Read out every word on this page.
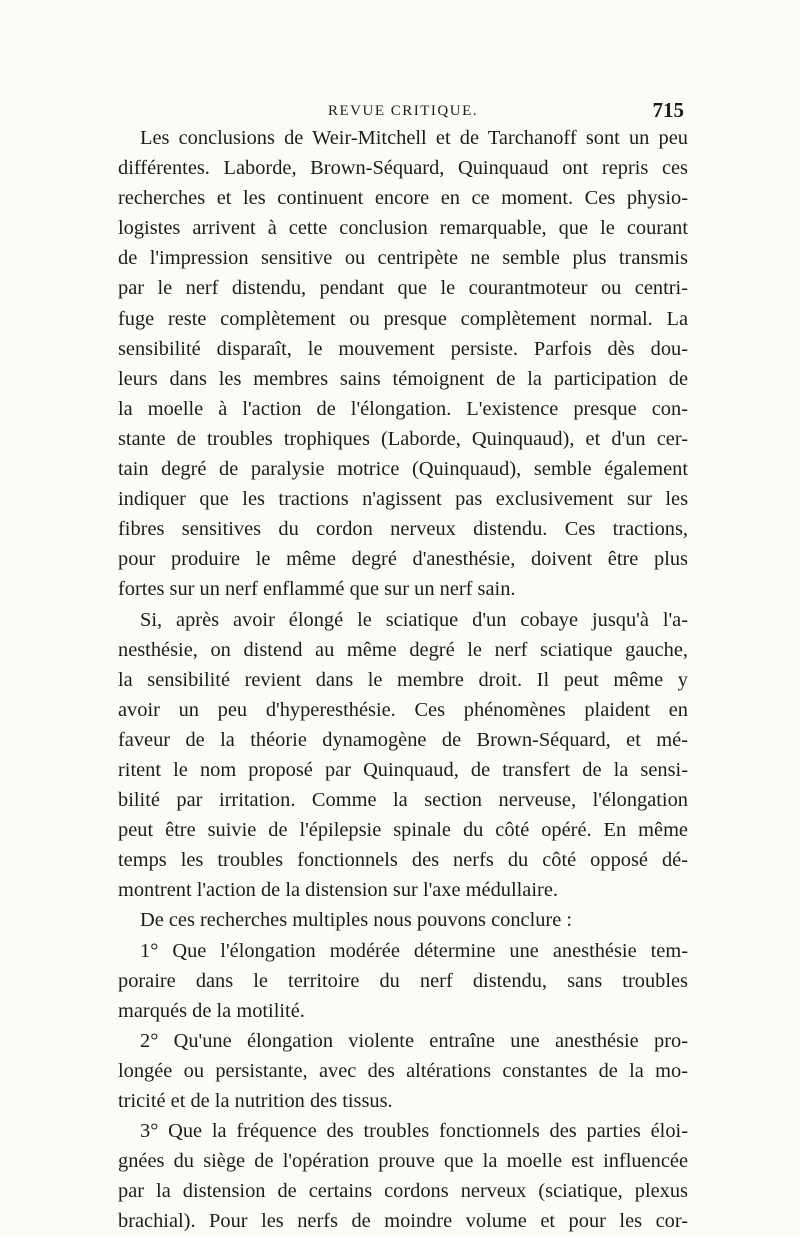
REVUE CRITIQUE.	715
Les conclusions de Weir-Mitchell et de Tarchanoff sont un peu
différentes. Laborde, Brown-Séquard, Quinquaud ont repris ces
recherches et les continuent encore en ce moment. Ces physio-
logistes arrivent à cette conclusion remarquable, que le courant
de l'impression sensitive ou centripète ne semble plus transmis
par le nerf distendu, pendant que le courantmoteur ou centri-
fuge reste complètement ou presque complètement normal. La
sensibilité disparaît, le mouvement persiste. Parfois dès dou-
leurs dans les membres sains témoignent de la participation de
la moelle à l'action de l'élongation. L'existence presque con-
stante de troubles trophiques (Laborde, Quinquaud), et d'un cer-
tain degré de paralysie motrice (Quinquaud), semble également
indiquer que les tractions n'agissent pas exclusivement sur les
fibres sensitives du cordon nerveux distendu. Ces tractions,
pour produire le même degré d'anesthésie, doivent être plus
fortes sur un nerf enflammé que sur un nerf sain.
Si, après avoir élongé le sciatique d'un cobaye jusqu'à l'a-
nesthésie, on distend au même degré le nerf sciatique gauche,
la sensibilité revient dans le membre droit. Il peut même y
avoir un peu d'hyperesthésie. Ces phénomènes plaident en
faveur de la théorie dynamogène de Brown-Séquard, et mé-
ritent le nom proposé par Quinquaud, de transfert de la sensi-
bilité par irritation. Comme la section nerveuse, l'élongation
peut être suivie de l'épilepsie spinale du côté opéré. En même
temps les troubles fonctionnels des nerfs du côté opposé dé-
montrent l'action de la distension sur l'axe médullaire.
De ces recherches multiples nous pouvons conclure :
1° Que l'élongation modérée détermine une anesthésie tem-
poraire dans le territoire du nerf distendu, sans troubles
marqués de la motilité.
2° Qu'une élongation violente entraîne une anesthésie pro-
longée ou persistante, avec des altérations constantes de la mo-
tricité et de la nutrition des tissus.
3° Que la fréquence des troubles fonctionnels des parties éloi-
gnées du siège de l'opération prouve que la moelle est influencée
par la distension de certains cordons nerveux (sciatique, plexus
brachial). Pour les nerfs de moindre volume et pour les cor-
